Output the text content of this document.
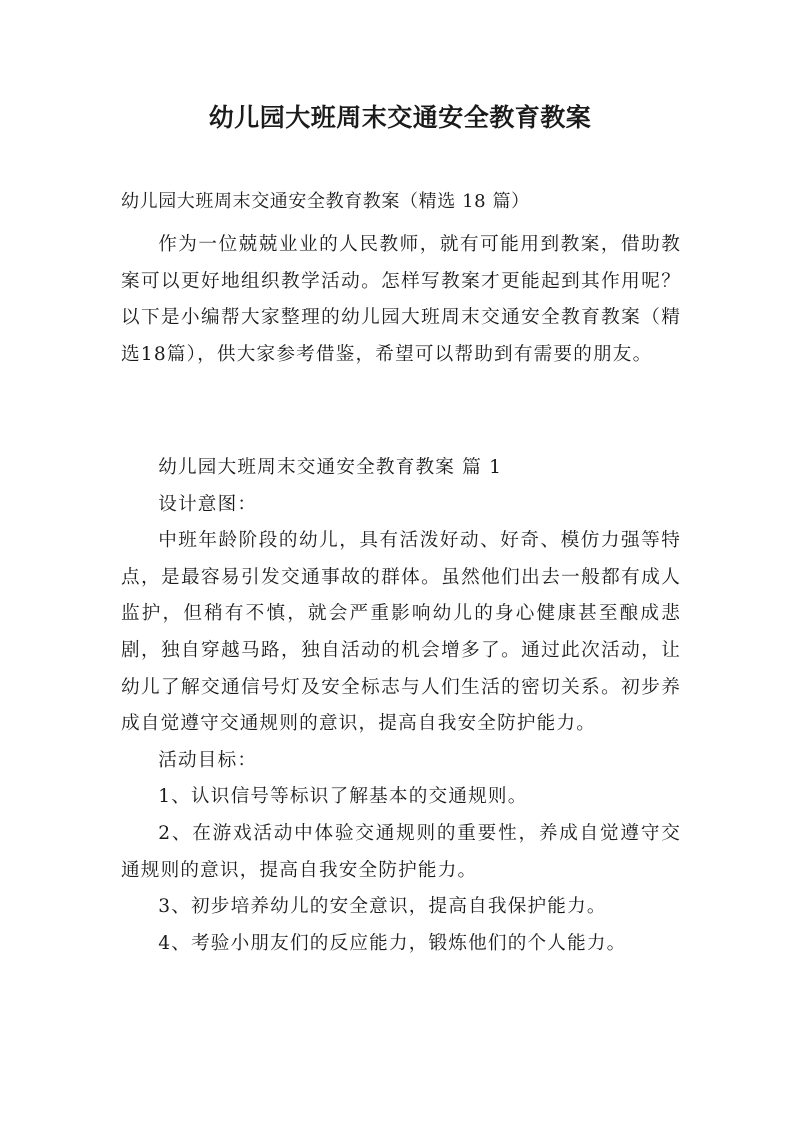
幼儿园大班周末交通安全教育教案

幼儿园大班周末交通安全教育教案（精选 18 篇）

作为一位兢兢业业的人民教师，就有可能用到教案，借助教案可以更好地组织教学活动。怎样写教案才更能起到其作用呢？以下是小编帮大家整理的幼儿园大班周末交通安全教育教案（精选18篇），供大家参考借鉴，希望可以帮助到有需要的朋友。

幼儿园大班周末交通安全教育教案 篇 1

设计意图：

中班年龄阶段的幼儿，具有活泼好动、好奇、模仿力强等特点，是最容易引发交通事故的群体。虽然他们出去一般都有成人监护，但稍有不慎，就会严重影响幼儿的身心健康甚至酿成悲剧，独自穿越马路，独自活动的机会增多了。通过此次活动，让幼儿了解交通信号灯及安全标志与人们生活的密切关系。初步养成自觉遵守交通规则的意识，提高自我安全防护能力。

活动目标：

1、认识信号等标识了解基本的交通规则。

2、在游戏活动中体验交通规则的重要性，养成自觉遵守交通规则的意识，提高自我安全防护能力。

3、初步培养幼儿的安全意识，提高自我保护能力。

4、考验小朋友们的反应能力，锻炼他们的个人能力。
